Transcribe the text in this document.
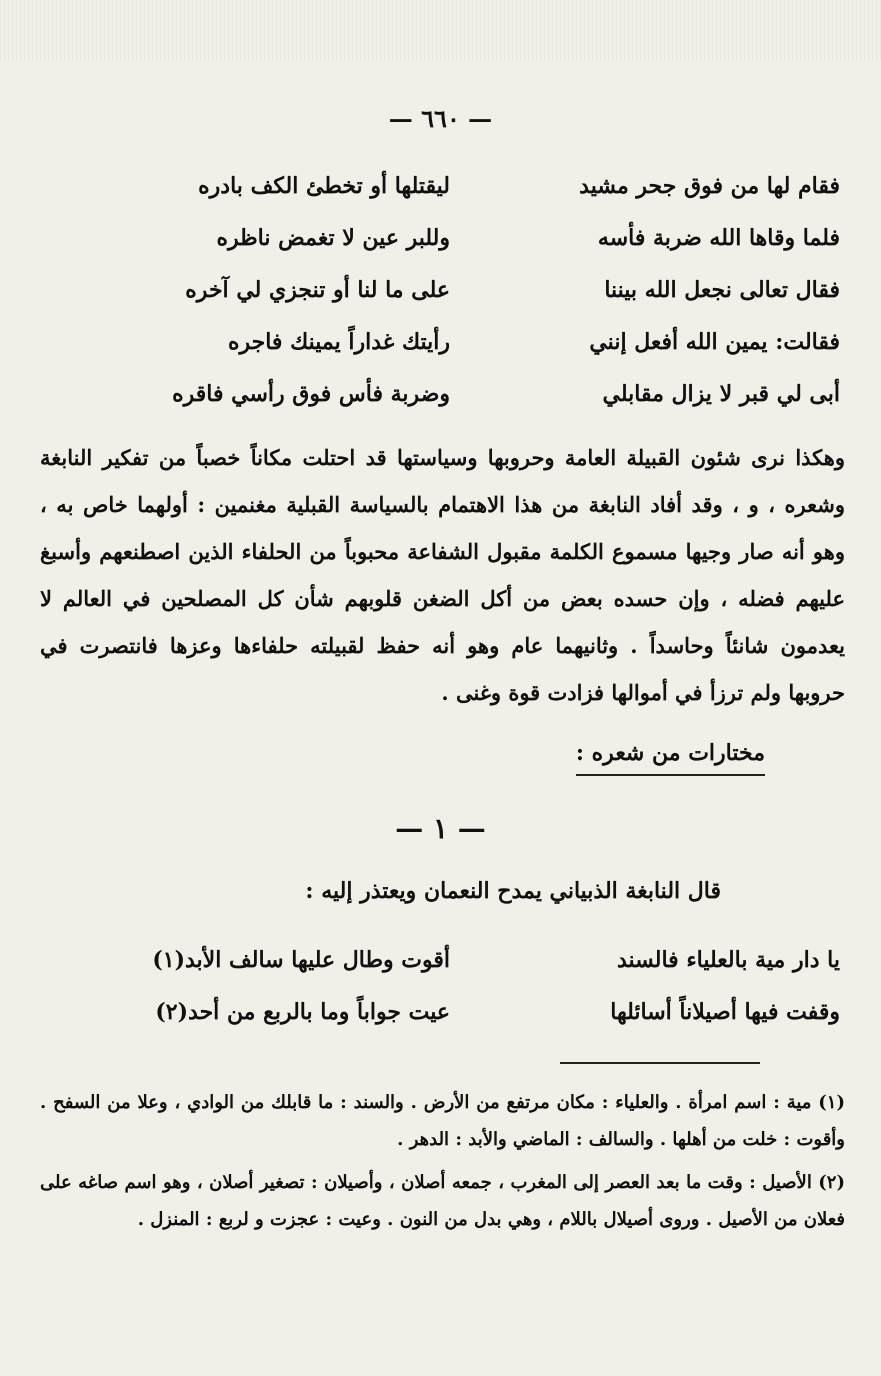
— ٦٦٠ —
فقام لها من فوق جحر مشيد
ليقتلها أو تخطئ الكف بادره
فلما وقاها الله ضربة فأسه
وللبر عين لا تغمض ناظره
فقال تعالى نجعل الله بيننا
على ما لنا أو تنجزي لي آخره
فقالت: يمين الله أفعل إنني
رأيتك غداراً يمينك فاجره
أبى لي قبر لا يزال مقابلي
وضربة فأس فوق رأسي فاقره

وهكذا نرى شئون القبيلة العامة وحروبها وسياستها قد احتلت مكاناً خصباً من تفكير النابغة وشعره ، و ، وقد أفاد النابغة من هذا الاهتمام بالسياسة القبلية مغنمين : أولهما خاص به ، وهو أنه صار وجيها مسموع الكلمة مقبول الشفاعة محبوباً من الحلفاء الذين اصطنعهم وأسبغ عليهم فضله ، وإن حسده بعض من أكل الضغن قلوبهم شأن كل المصلحين في العالم لا يعدمون شانئاً وحاسداً . وثانيهما عام وهو أنه حفظ لقبيلته حلفاءها وعزها فانتصرت في حروبها ولم ترزأ في أموالها فزادت قوة وغنى .

مختارات من شعره :
— ١ —
قال النابغة الذبياني يمدح النعمان ويعتذر إليه :
يا دار مية بالعلياء فالسند
أقوت وطال عليها سالف الأبد(١)
وقفت فيها أصيلاناً أسائلها
عيت جواباً وما بالربع من أحد(٢)

(١) مية : اسم امرأة . والعلياء : مكان مرتفع من الأرض . والسند : ما قابلك من الوادي ، وعلا من السفح . وأقوت : خلت من أهلها . والسالف : الماضي والأبد : الدهر .

(٢) الأصيل : وقت ما بعد العصر إلى المغرب ، جمعه أصلان ، وأصيلان : تصغير أصلان ، وهو اسم صاغه على فعلان من الأصيل . وروى أصيلال باللام ، وهي بدل من النون . وعيت : عجزت و لربع : المنزل .
